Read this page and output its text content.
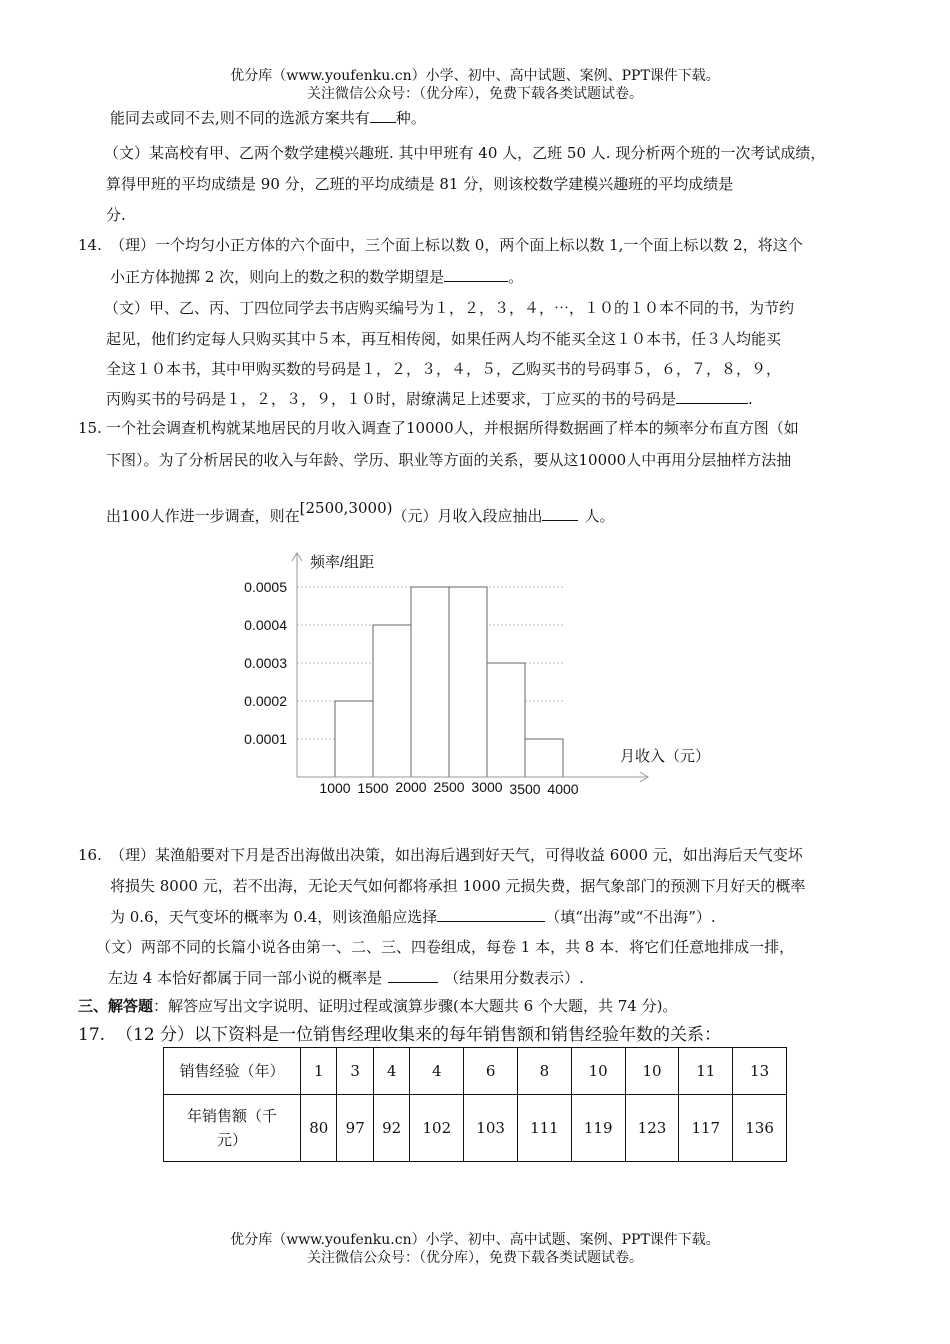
优分库（www.youfenku.cn）小学、初中、高中试题、案例、PPT课件下载。
关注微信公众号：（优分库），免费下载各类试题试卷。
能同去或同不去,则不同的选派方案共有 种。
（文）某高校有甲、乙两个数学建模兴趣班. 其中甲班有 40 人，乙班 50 人. 现分析两个班的一次考试成绩，
算得甲班的平均成绩是 90 分，乙班的平均成绩是 81 分，则该校数学建模兴趣班的平均成绩是
分.
14. （理）一个均匀小正方体的六个面中，三个面上标以数 0，两个面上标以数 1,一个面上标以数 2，将这个
小正方体抛掷 2 次，则向上的数之积的数学期望是	。
（文）甲、乙、丙、丁四位同学去书店购买编号为１，２，３，４，⋯，１０的１０本不同的书，为节约
起见，他们约定每人只购买其中５本，再互相传阅，如果任两人均不能买全这１０本书，任３人均能买
全这１０本书，其中甲购买数的号码是１，２，３，４，５，乙购买书的号码事５，６，７，８，９，
丙购买书的号码是１，２，３，９，１０时，尉缭满足上述要求，丁应买的书的号码是	.
15. 一个社会调查机构就某地居民的月收入调查了10000人，并根据所得数据画了样本的频率分布直方图（如
下图）。为了分析居民的收入与年龄、学历、职业等方面的关系，要从这10000人中再用分层抽样方法抽
出100人作进一步调查，则在[2500,3000)（元）月收入段应抽出	人。
0.0001
0.0002
0.0003
0.0004
0.0005
1000 1500 2000 2500 3000 3500 4000
频率/组距
月收入（元）
16. （理）某渔船要对下月是否出海做出决策，如出海后遇到好天气，可得收益 6000 元，如出海后天气变坏
将损失 8000 元，若不出海，无论天气如何都将承担 1000 元损失费，据气象部门的预测下月好天的概率
为 0.6，天气变坏的概率为 0.4，则该渔船应选择	（填“出海”或“不出海”）.
（文）两部不同的长篇小说各由第一、二、三、四卷组成，每卷 1 本，共 8 本．将它们任意地排成一排，
左边 4 本恰好都属于同一部小说的概率是	（结果用分数表示）.
三、解答题：解答应写出文字说明、证明过程或演算步骤(本大题共 6 个大题，共 74 分)。
17. （12 分）以下资料是一位销售经理收集来的每年销售额和销售经验年数的关系：
销售经验（年）	1	3	4	4	6	8	10	10	11	13

年销售额（千
元）	80	97	92	102	103	111	119	123	117	136
优分库（www.youfenku.cn）小学、初中、高中试题、案例、PPT课件下载。
关注微信公众号：（优分库），免费下载各类试题试卷。
